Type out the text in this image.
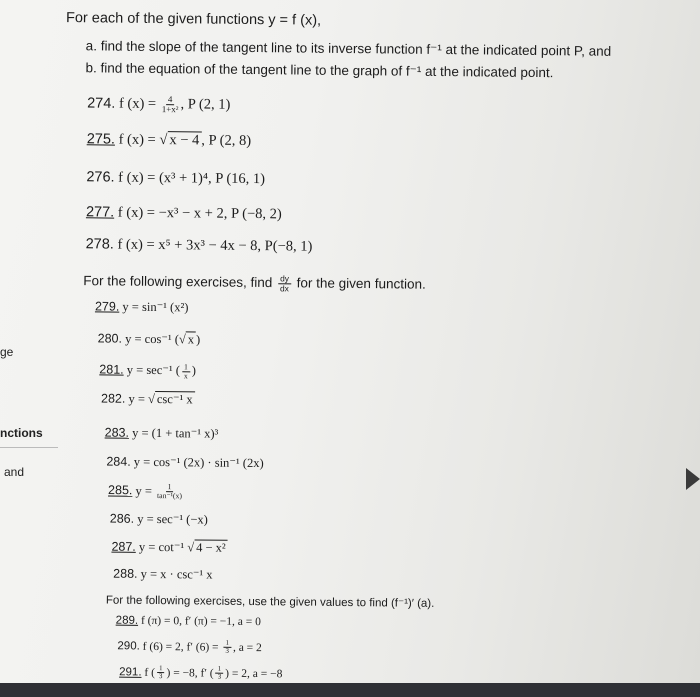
ge
nctions
and
For each of the given functions y = f (x),
a. find the slope of the tangent line to its inverse function f⁻¹ at the indicated point P, and
b. find the equation of the tangent line to the graph of f⁻¹ at the indicated point.
274. f $(x) = \frac{4}{\text{1+x²}}$ , P (2, 1)
275. f (x) = √ x − 4 , P (2, 8)
276. f (x) = (x³ + 1)⁴, P (16, 1)
277. f (x) = −x³ − x + 2, P (−8, 2)
278. f (x) = x⁵ + 3x³ − 4x − 8, P(−8, 1)
For the following exercises, find $\frac{dy}{dx}$ for the given function.
279. y = sin⁻¹ (x²)
280. y = cos⁻¹ (√ x )
281. y = sec⁻¹ ( $\frac{1}{x}$ )
282. y = √ csc⁻¹ x
283. y = (1 + tan⁻¹ x)³
284. y = cos⁻¹ (2x) · sin⁻¹ (2x)
285. $y = \frac{1}{\text{tan⁻¹(x)}}$
286. y = sec⁻¹ (−x)
287. y = cot⁻¹ √ 4 − x²
288. y = x · csc⁻¹ x
For the following exercises, use the given values to find (f⁻¹)′ (a).
289. f (π) = 0, f′ (π) = −1, a = 0
290. f (6) = 2, f′ $(6) = \frac{1}{3}$ , a = 2
291. f ( $\frac{1}{3}$ ) = −8, f′ ( $\frac{1}{3}$ ) = 2, a = −8
